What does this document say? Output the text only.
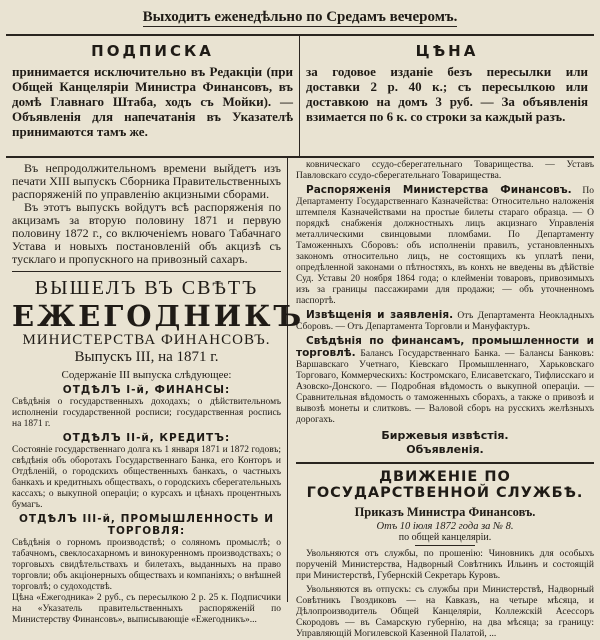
Выходитъ еженедѣльно по Средамъ вечеромъ.
ПОДПИСКА

принимается исключительно въ Редакціи (при Общей Канцеляріи Министра Финансовъ, въ домѣ Главнаго Штаба, ходъ съ Мойки). — Объявленія для напечатанія въ Указателѣ принимаются тамъ же.

ЦѢНА

за годовое изданіе безъ пересылки или доставки 2 р. 40 к.; съ пересылкою или доставкою на домъ 3 руб. — За объявленія взимается по 6 к. со строки за каждый разъ.

Въ непродолжительномъ времени выйдетъ изъ печати XIII выпускъ Сборника Правительственныхъ распоряженій по управленію акцизными сборами.

Въ этотъ выпускъ войдутъ всѣ распоряженія по акцизамъ за вторую половину 1871 и первую половину 1872 г., со включеніемъ новаго Табачнаго Устава и новыхъ постановленій объ акцизѣ съ тусклаго и пропускного на привозный сахаръ.

ВЫШЕЛЪ ВЪ СВѢТЪ

ЕЖЕГОДНИКЪ

МИНИСТЕРСТВА ФИНАНСОВЪ.

Выпускъ III, на 1871 г.

Содержаніе III выпуска слѣдующее:

ОТДѢЛЪ І-й, ФИНАНСЫ:

Свѣдѣнія о государственныхъ доходахъ; о дѣйствительномъ исполненіи государственной росписи; государственная роспись на 1871 г.

ОТДѢЛЪ ІІ-й, КРЕДИТЪ:

Состояніе государственнаго долга къ 1 января 1871 и 1872 годовъ; свѣдѣнія объ оборотахъ Государственнаго Банка, его Конторъ и Отдѣленій, о городскихъ общественныхъ банкахъ, о частныхъ банкахъ и кредитныхъ обществахъ, о городскихъ сберегательныхъ кассахъ; о выкупной операціи; о курсахъ и цѣнахъ процентныхъ бумагъ.

ОТДѢЛЪ ІІІ-й, ПРОМЫШЛЕННОСТЬ И ТОРГОВЛЯ:

Свѣдѣнія о горномъ производствѣ; о соляномъ промыслѣ; о табачномъ, свеклосахарномъ и винокуренномъ производствахъ; о торговыхъ свидѣтельствахъ и билетахъ, выданныхъ на право торговли; объ акціонерныхъ обществахъ и компаніяхъ; о внѣшней торговлѣ; о судоходствѣ.

Цѣна «Ежегодника» 2 руб., съ пересылкою 2 р. 25 к. Подписчики на «Указатель правительственныхъ распоряженій по Министерству Финансовъ», выписывающіе «Ежегодникъ»...

ковническаго ссудо-сберегательнаго Товарищества. — Уставъ Павловскаго ссудо-сберегательнаго Товарищества.

Распоряженія Министерства Финансовъ. По Департаменту Государственнаго Казначейства: Относительно наложенія штемпеля Казначействами на простые билеты стараго образца. — О порядкѣ снабженія должностныхъ лицъ акцизнаго Управленія металлическими свинцовыми пломбами. По Департаменту Таможенныхъ Сборовъ: объ исполненіи правилъ, установленныхъ закономъ относительно лицъ, не состоящихъ къ уплатѣ пени, опредѣленной законами о пѣтностяхъ, въ конхъ не введены въ дѣйствіе Суд. Уставы 20 ноября 1864 года; о клейменіи товаровъ, привозимыхъ изъ за границы пассажирами для продажи; — объ уточненномъ паспортѣ.

Извѣщенія и заявленія. Отъ Департамента Неокладныхъ Сборовъ. — Отъ Департамента Торговли и Мануфактуръ.

Свѣдѣнія по финансамъ, промышленности и торговлѣ. Балансъ Государственнаго Банка. — Балансы Банковъ: Варшавскаго Учетнаго, Кіевскаго Промышленнаго, Харьковскаго Торговаго, Коммерческихъ: Костромскаго, Елисаветскаго, Тифлисскаго и Азовско-Донского. — Подробная вѣдомость о выкупной операціи. — Сравнительная вѣдомость о таможенныхъ сборахъ, а также о привозѣ и вывозѣ монеты и слитковъ. — Валовой сборъ на русскихъ желѣзныхъ дорогахъ.

Биржевыя извѣстія.

Объявленія.

ДВИЖЕНІЕ ПО ГОСУДАРСТВЕННОЙ СЛУЖБѢ.

Приказъ Министра Финансовъ.

Отъ 10 іюля 1872 года за № 8.

по общей канцеляріи.

Увольняются отъ службы, по прошенію: Чиновникъ для особыхъ порученій Министерства, Надворный Совѣтникъ Ильинъ и состоящій при Министерствѣ, Губернскій Секретарь Куровъ.

Увольняются въ отпускъ: съ службы при Министерствѣ, Надворный Совѣтникъ Гвоздиковъ — на Кавказъ, на четыре мѣсяца, и Дѣлопроизводитель Общей Канцеляріи, Коллежскій Асессоръ Скородовъ — въ Самарскую губернію, на два мѣсяца; за границу: Управляющій Могилевской Казенной Палатой, ...
